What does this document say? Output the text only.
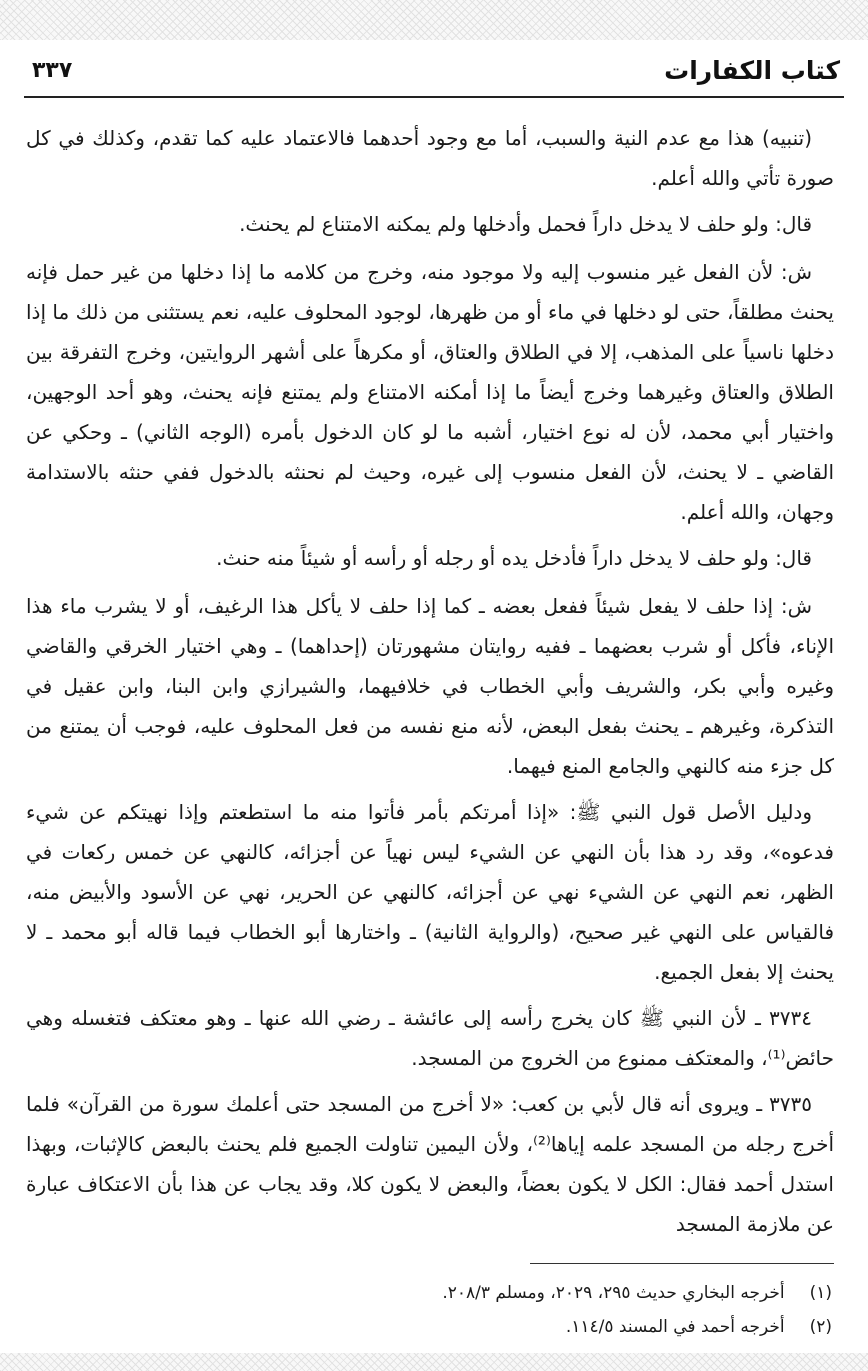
كتاب الكفارات
٣٣٧

(تنبيه) هذا مع عدم النية والسبب، أما مع وجود أحدهما فالاعتماد عليه كما تقدم، وكذلك في كل صورة تأتي والله أعلم.

قال: ولو حلف لا يدخل داراً فحمل وأدخلها ولم يمكنه الامتناع لم يحنث.

ش: لأن الفعل غير منسوب إليه ولا موجود منه، وخرج من كلامه ما إذا دخلها من غير حمل فإنه يحنث مطلقاً، حتى لو دخلها في ماء أو من ظهرها، لوجود المحلوف عليه، نعم يستثنى من ذلك ما إذا دخلها ناسياً على المذهب، إلا في الطلاق والعتاق، أو مكرهاً على أشهر الروايتين، وخرج التفرقة بين الطلاق والعتاق وغيرهما وخرج أيضاً ما إذا أمكنه الامتناع ولم يمتنع فإنه يحنث، وهو أحد الوجهين، واختيار أبي محمد، لأن له نوع اختيار، أشبه ما لو كان الدخول بأمره (الوجه الثاني) ـ وحكي عن القاضي ـ لا يحنث، لأن الفعل منسوب إلى غيره، وحيث لم نحنثه بالدخول ففي حنثه بالاستدامة وجهان، والله أعلم.

قال: ولو حلف لا يدخل داراً فأدخل يده أو رجله أو رأسه أو شيئاً منه حنث.

ش: إذا حلف لا يفعل شيئاً ففعل بعضه ـ كما إذا حلف لا يأكل هذا الرغيف، أو لا يشرب ماء هذا الإناء، فأكل أو شرب بعضهما ـ ففيه روايتان مشهورتان (إحداهما) ـ وهي اختيار الخرقي والقاضي وغيره وأبي بكر، والشريف وأبي الخطاب في خلافيهما، والشيرازي وابن البنا، وابن عقيل في التذكرة، وغيرهم ـ يحنث بفعل البعض، لأنه منع نفسه من فعل المحلوف عليه، فوجب أن يمتنع من كل جزء منه كالنهي والجامع المنع فيهما.

ودليل الأصل قول النبي ﷺ: «إذا أمرتكم بأمر فأتوا منه ما استطعتم وإذا نهيتكم عن شيء فدعوه»، وقد رد هذا بأن النهي عن الشيء ليس نهياً عن أجزائه، كالنهي عن خمس ركعات في الظهر، نعم النهي عن الشيء نهي عن أجزائه، كالنهي عن الحرير، نهي عن الأسود والأبيض منه، فالقياس على النهي غير صحيح، (والرواية الثانية) ـ واختارها أبو الخطاب فيما قاله أبو محمد ـ لا يحنث إلا بفعل الجميع.

٣٧٣٤ ـ لأن النبي ﷺ كان يخرج رأسه إلى عائشة ـ رضي الله عنها ـ وهو معتكف فتغسله وهي حائض⁽¹⁾، والمعتكف ممنوع من الخروج من المسجد.

٣٧٣٥ ـ ويروى أنه قال لأبي بن كعب: «لا أخرج من المسجد حتى أعلمك سورة من القرآن» فلما أخرج رجله من المسجد علمه إياها⁽²⁾، ولأن اليمين تناولت الجميع فلم يحنث بالبعض كالإثبات، وبهذا استدل أحمد فقال: الكل لا يكون بعضاً، والبعض لا يكون كلا، وقد يجاب عن هذا بأن الاعتكاف عبارة عن ملازمة المسجد

(١) أخرجه البخاري حديث ٢٩٥، ٢٠٢٩، ومسلم ٢٠٨/٣.
(٢) أخرجه أحمد في المسند ١١٤/٥.
